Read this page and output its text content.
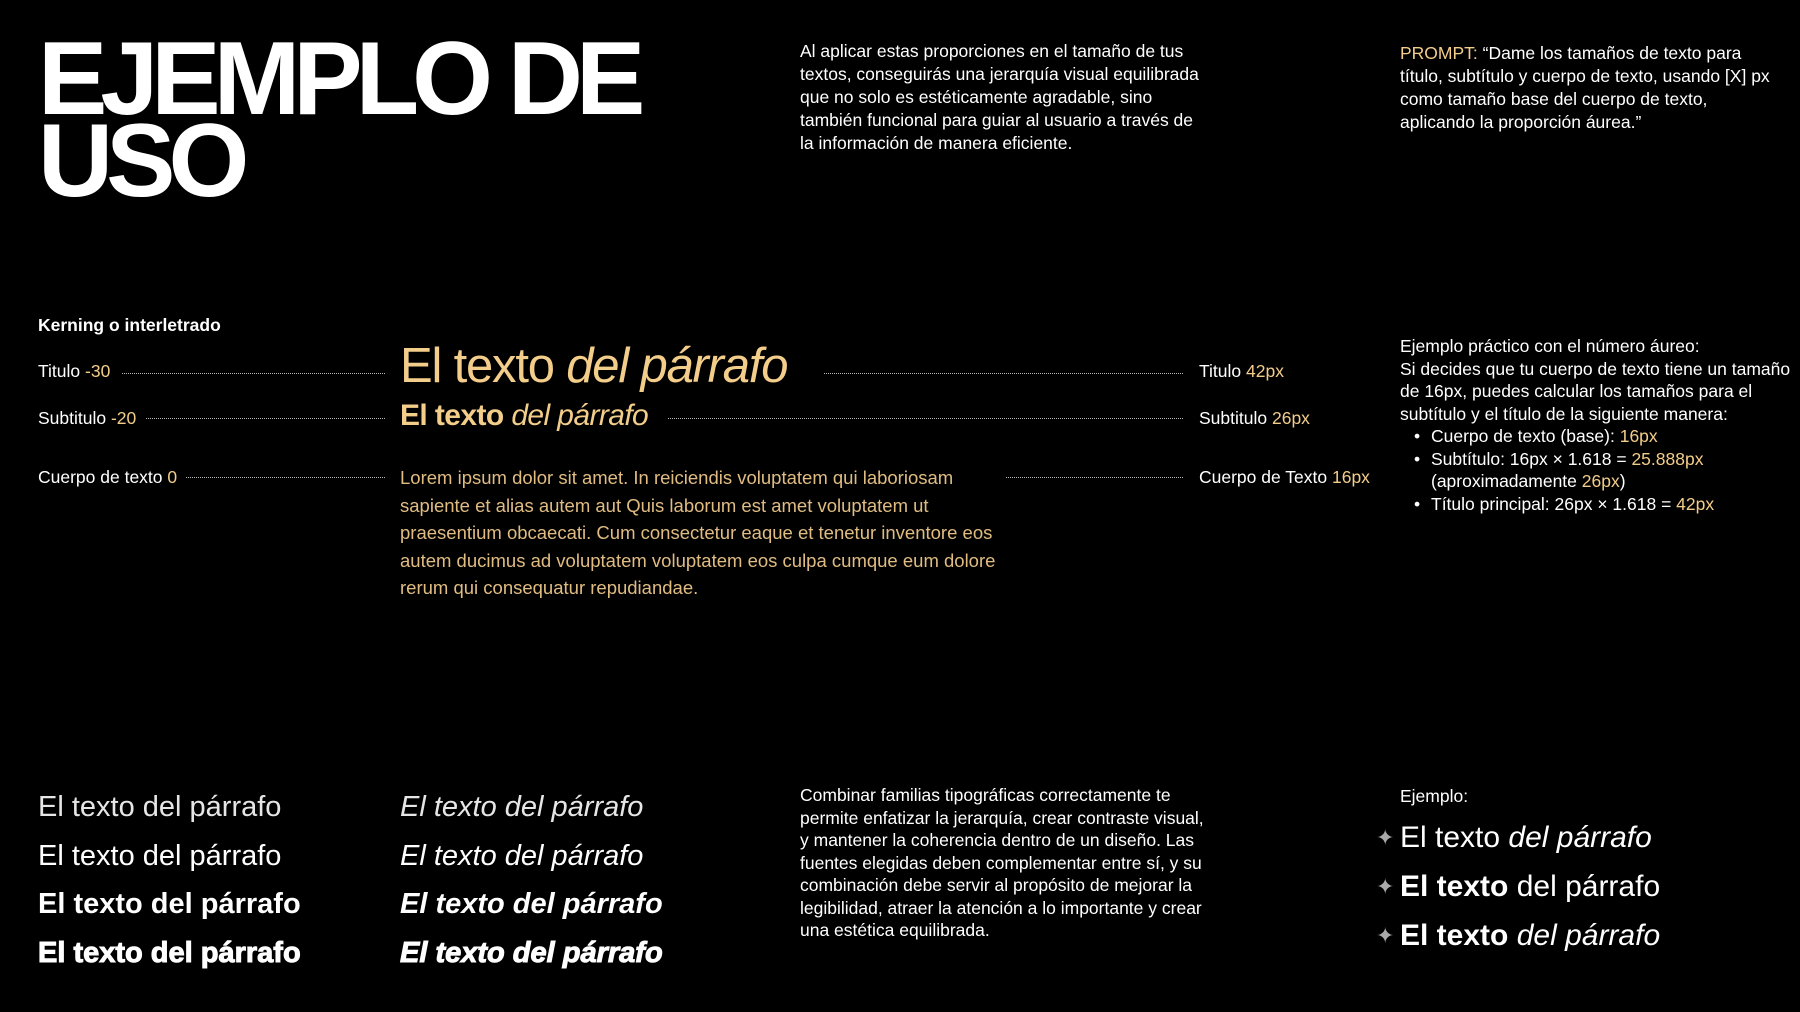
EJEMPLO DE
USO
Al aplicar estas proporciones en el tamaño de tus textos, conseguirás una jerarquía visual equilibrada que no solo es estéticamente agradable, sino también funcional para guiar al usuario a través de la información de manera eficiente.
PROMPT: “Dame los tamaños de texto para título, subtítulo y cuerpo de texto, usando [X] px como tamaño base del cuerpo de texto, aplicando la proporción áurea.”
Kerning o interletrado
Titulo -30
Subtitulo -20
Cuerpo de texto 0
El texto del párrafo
El texto del párrafo
Lorem ipsum dolor sit amet. In reiciendis voluptatem qui laboriosam sapiente et alias autem aut Quis laborum est amet voluptatem ut praesentium obcaecati. Cum consectetur eaque et tenetur inventore eos autem ducimus ad voluptatem voluptatem eos culpa cumque eum dolore rerum qui consequatur repudiandae.
Titulo 42px
Subtitulo 26px
Cuerpo de Texto 16px
Ejemplo práctico con el número áureo:
Si decides que tu cuerpo de texto tiene un tamaño de 16px, puedes calcular los tamaños para el subtítulo y el título de la siguiente manera:
• Cuerpo de texto (base): 16px
• Subtítulo: 16px × 1.618 = 25.888px
(aproximadamente 26px)
• Título principal: 26px × 1.618 = 42px
El texto del párrafo
El texto del párrafo
El texto del párrafo
El texto del párrafo
El texto del párrafo
El texto del párrafo
El texto del párrafo
El texto del párrafo
Combinar familias tipográficas correctamente te permite enfatizar la jerarquía, crear contraste visual, y mantener la coherencia dentro de un diseño. Las fuentes elegidas deben complementar entre sí, y su combinación debe servir al propósito de mejorar la legibilidad, atraer la atención a lo importante y crear una estética equilibrada.
Ejemplo:
✦ El texto del párrafo
✦ El texto del párrafo
✦ El texto del párrafo
